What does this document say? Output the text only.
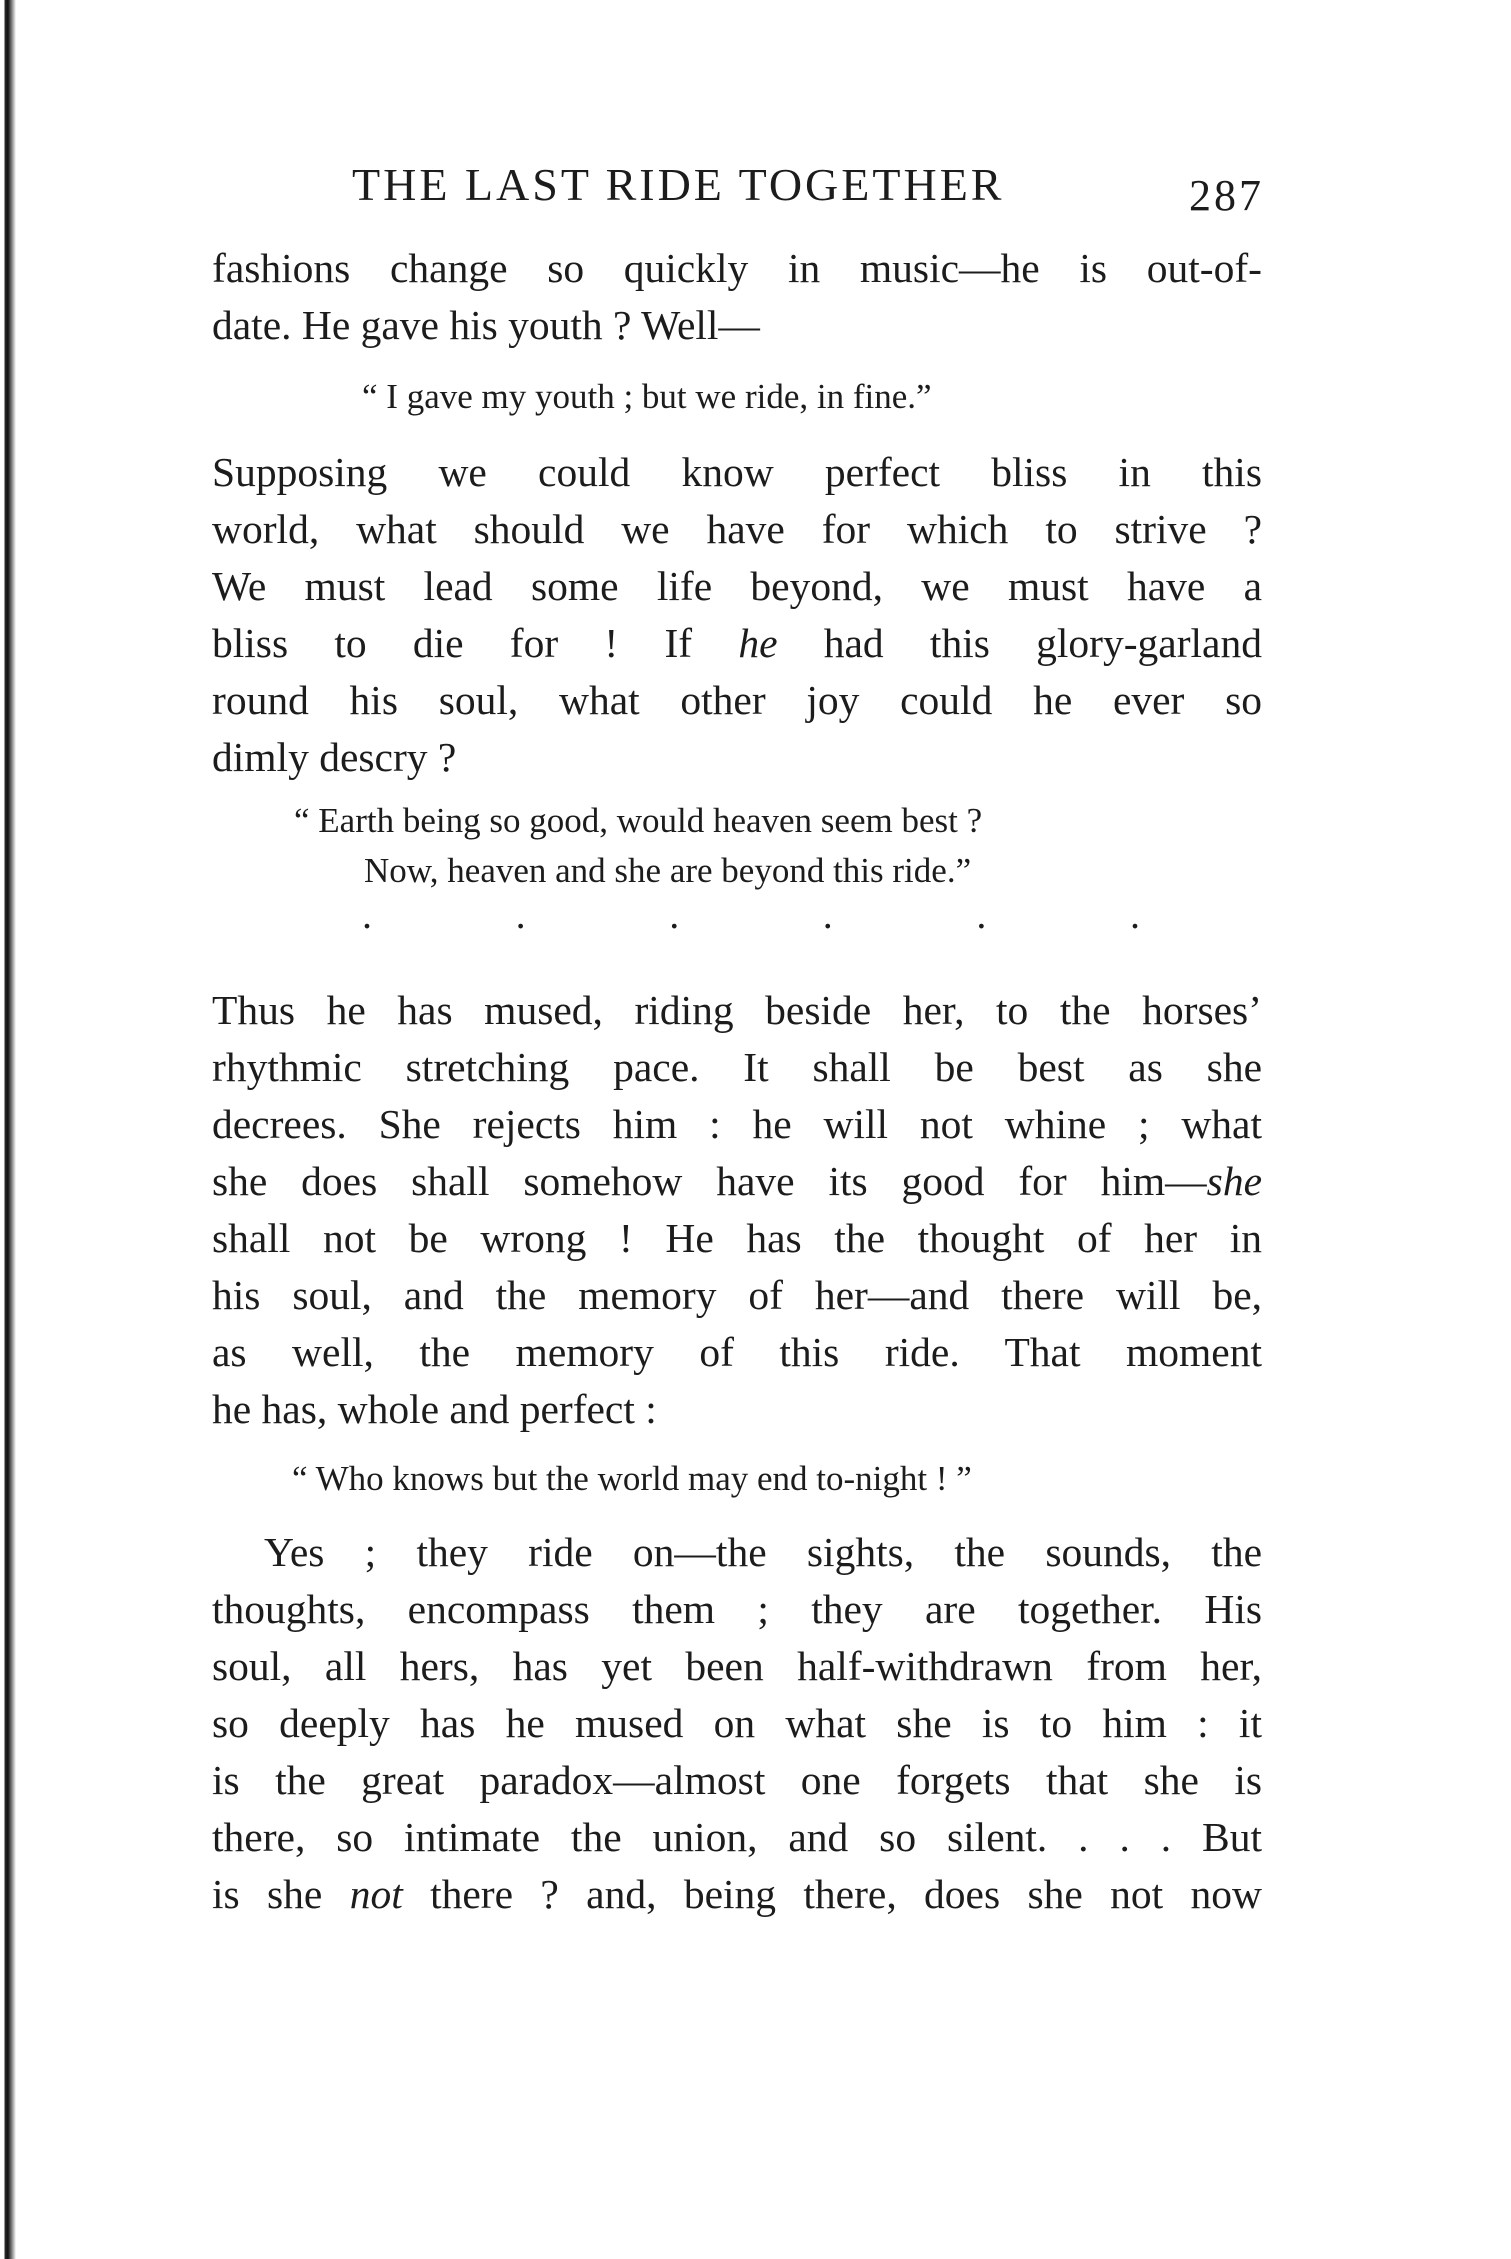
THE LAST RIDE TOGETHER	287
fashions change so quickly in music—he is out-of-
date. He gave his youth ? Well—

“ I gave my youth ; but we ride, in fine.”

Supposing we could know perfect bliss in this
world, what should we have for which to strive ?
We must lead some life beyond, we must have a
bliss to die for ! If he had this glory-garland
round his soul, what other joy could he ever so
dimly descry ?
“ Earth being so good, would heaven seem best ?
Now, heaven and she are beyond this ride.”
.	.	.	.	.	.
Thus he has mused, riding beside her, to the horses’
rhythmic stretching pace. It shall be best as she
decrees. She rejects him : he will not whine ; what
she does shall somehow have its good for him—she
shall not be wrong ! He has the thought of her in
his soul, and the memory of her—and there will be,
as well, the memory of this ride. That moment
he has, whole and perfect :

“ Who knows but the world may end to-night ! ”

Yes ; they ride on—the sights, the sounds, the
thoughts, encompass them ; they are together. His
soul, all hers, has yet been half-withdrawn from her,
so deeply has he mused on what she is to him : it
is the great paradox—almost one forgets that she is
there, so intimate the union, and so silent. . . . But
is she not there ? and, being there, does she not now
